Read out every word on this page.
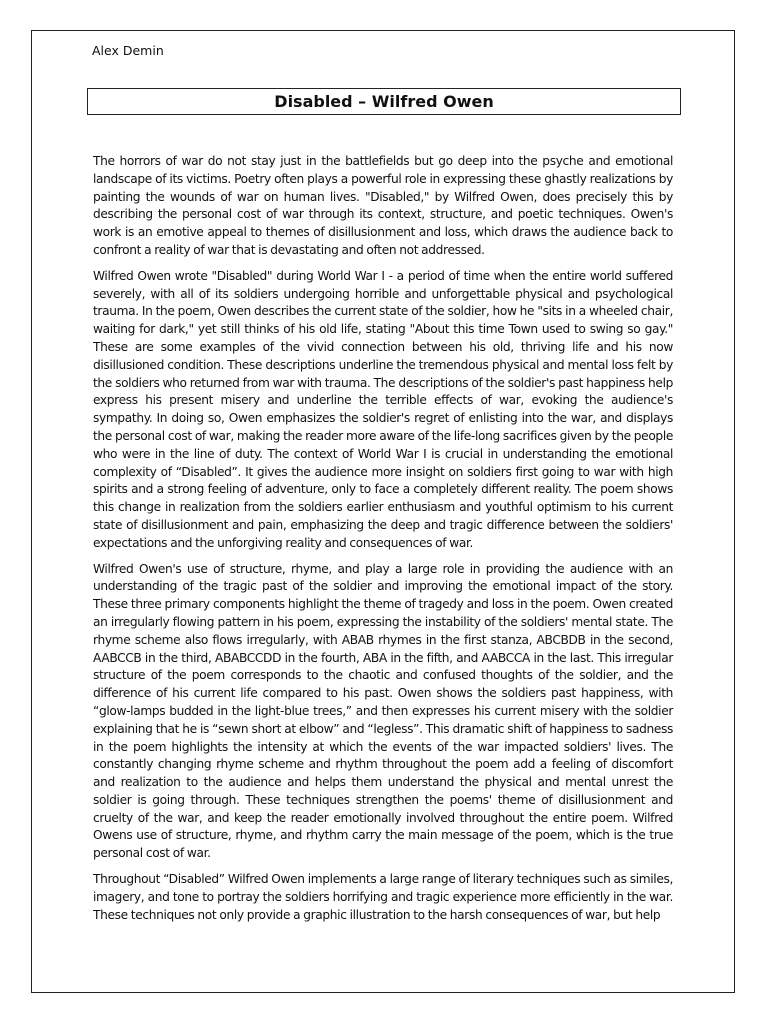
Alex Demin
Disabled – Wilfred Owen

The horrors of war do not stay just in the battlefields but go deep into the psyche and emotional landscape of its victims. Poetry often plays a powerful role in expressing these ghastly realizations by painting the wounds of war on human lives. "Disabled," by Wilfred Owen, does precisely this by describing the personal cost of war through its context, structure, and poetic techniques. Owen's work is an emotive appeal to themes of disillusionment and loss, which draws the audience back to confront a reality of war that is devastating and often not addressed.

Wilfred Owen wrote "Disabled" during World War I - a period of time when the entire world suffered severely, with all of its soldiers undergoing horrible and unforgettable physical and psychological trauma. In the poem, Owen describes the current state of the soldier, how he "sits in a wheeled chair, waiting for dark," yet still thinks of his old life, stating "About this time Town used to swing so gay." These are some examples of the vivid connection between his old, thriving life and his now disillusioned condition. These descriptions underline the tremendous physical and mental loss felt by the soldiers who returned from war with trauma. The descriptions of the soldier's past happiness help express his present misery and underline the terrible effects of war, evoking the audience's sympathy. In doing so, Owen emphasizes the soldier's regret of enlisting into the war, and displays the personal cost of war, making the reader more aware of the life-long sacrifices given by the people who were in the line of duty. The context of World War I is crucial in understanding the emotional complexity of “Disabled”. It gives the audience more insight on soldiers first going to war with high spirits and a strong feeling of adventure, only to face a completely different reality. The poem shows this change in realization from the soldiers earlier enthusiasm and youthful optimism to his current state of disillusionment and pain, emphasizing the deep and tragic difference between the soldiers' expectations and the unforgiving reality and consequences of war.

Wilfred Owen's use of structure, rhyme, and play a large role in providing the audience with an understanding of the tragic past of the soldier and improving the emotional impact of the story. These three primary components highlight the theme of tragedy and loss in the poem. Owen created an irregularly flowing pattern in his poem, expressing the instability of the soldiers' mental state. The rhyme scheme also flows irregularly, with ABAB rhymes in the first stanza, ABCBDB in the second, AABCCB in the third, ABABCCDD in the fourth, ABA in the fifth, and AABCCA in the last. This irregular structure of the poem corresponds to the chaotic and confused thoughts of the soldier, and the difference of his current life compared to his past. Owen shows the soldiers past happiness, with “glow-lamps budded in the light-blue trees,” and then expresses his current misery with the soldier explaining that he is “sewn short at elbow” and “legless”. This dramatic shift of happiness to sadness in the poem highlights the intensity at which the events of the war impacted soldiers' lives. The constantly changing rhyme scheme and rhythm throughout the poem add a feeling of discomfort and realization to the audience and helps them understand the physical and mental unrest the soldier is going through. These techniques strengthen the poems' theme of disillusionment and cruelty of the war, and keep the reader emotionally involved throughout the entire poem. Wilfred Owens use of structure, rhyme, and rhythm carry the main message of the poem, which is the true personal cost of war.

Throughout “Disabled” Wilfred Owen implements a large range of literary techniques such as similes, imagery, and tone to portray the soldiers horrifying and tragic experience more efficiently in the war. These techniques not only provide a graphic illustration to the harsh consequences of war, but help
